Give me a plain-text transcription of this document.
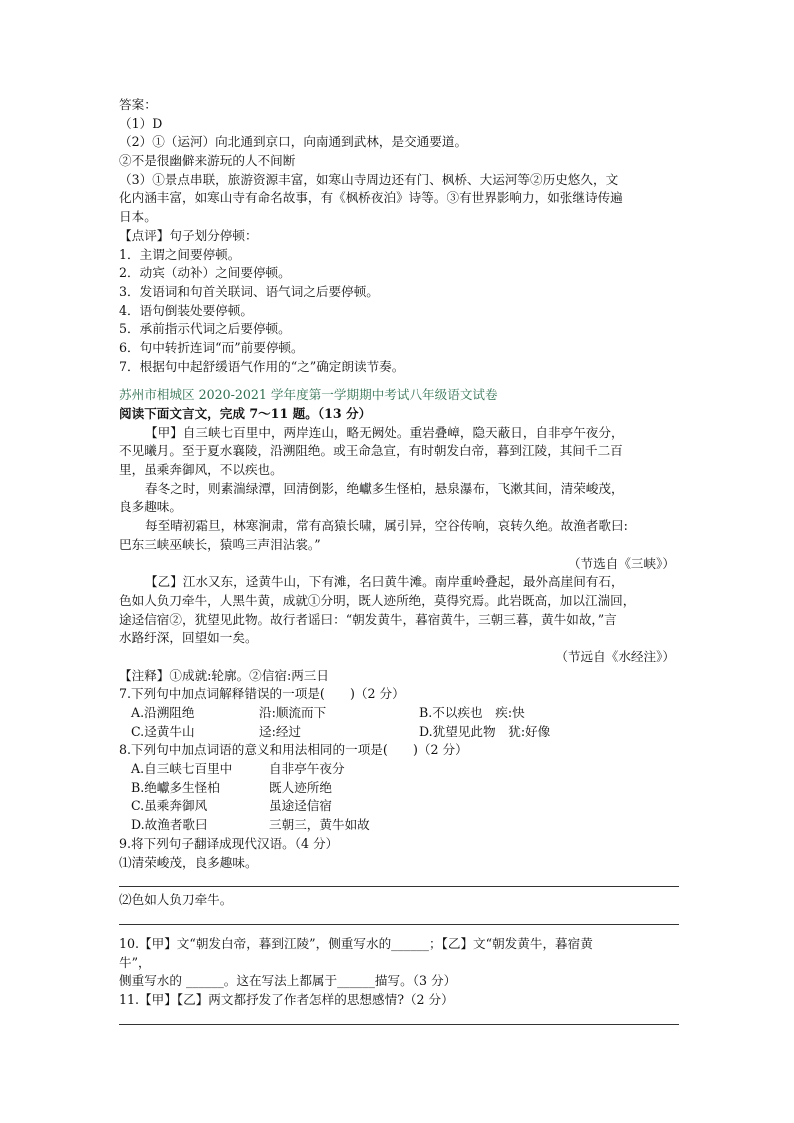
答案：
（1）D
（2）①（运河）向北通到京口，向南通到武林，是交通要道。
②不是很幽僻来游玩的人不间断
（3）①景点串联，旅游资源丰富，如寒山寺周边还有门、枫桥、大运河等②历史悠久，文
化内涵丰富，如寒山寺有命名故事，有《枫桥夜泊》诗等。③有世界影响力，如张继诗传遍
日本。
【点评】句子划分停顿：
1．主谓之间要停顿。
2．动宾（动补）之间要停顿。
3．发语词和句首关联词、语气词之后要停顿。
4．语句倒装处要停顿。
5．承前指示代词之后要停顿。
6．句中转折连词“而”前要停顿。
7．根据句中起舒缓语气作用的“之”确定朗读节奏。
苏州市相城区 2020-2021 学年度第一学期期中考试八年级语文试卷
阅读下面文言文，完成 7～11 题。（13 分）
【甲】自三峡七百里中，两岸连山，略无阙处。重岩叠嶂，隐天蔽日，自非亭午夜分，
不见曦月。至于夏水襄陵，沿溯阻绝。或王命急宣，有时朝发白帝，暮到江陵，其间千二百
里，虽乘奔御风，不以疾也。
春冬之时，则素湍绿潭，回清倒影，绝巘多生怪柏，悬泉瀑布，飞漱其间，清荣峻茂，
良多趣味。
每至晴初霜旦，林寒涧肃，常有高猿长啸，属引异，空谷传响，哀转久绝。故渔者歌曰:
巴东三峡巫峡长，猿鸣三声泪沾裳。”
（节选自《三峡》）
【乙】江水又东，迳黄牛山，下有滩，名曰黄牛滩。南岸重岭叠起，最外高崖间有石，
色如人负刀牵牛，人黑牛黄，成就①分明，既人迹所绝，莫得究焉。此岩既高，加以江湍回，
途迳信宿②，犹望见此物。故行者谣曰：“朝发黄牛，暮宿黄牛，三朝三暮，黄牛如故，”言
水路纡深，回望如一矣。
（节远自《水经注》）
【注释】①成就:轮廓。②信宿:两三日
7.下列句中加点词解释错误的一项是(　　)（2 分）
A.沿溯阻绝	沿:顺流而下	B.不以疾也　疾:快
C.迳黄牛山	迳:经过	D.犹望见此物　犹:好像
8.下列句中加点词语的意义和用法相同的一项是(　　)（2 分）
A.自三峡七百里中	自非亭午夜分
B.绝巘多生怪柏	既人迹所绝
C.虽乘奔御风	虽途迳信宿
D.故渔者歌曰	三朝三，黄牛如故
9.将下列句子翻译成现代汉语。（4 分）
⑴清荣峻茂，良多趣味。
⑵色如人负刀牵牛。
10.【甲】文“朝发白帝，暮到江陵”，侧重写水的______；【乙】文“朝发黄牛，暮宿黄
牛”，
侧重写水的 ______。这在写法上都属于______描写。（3 分）
11.【甲】【乙】两文都抒发了作者怎样的思想感情?（2 分）
